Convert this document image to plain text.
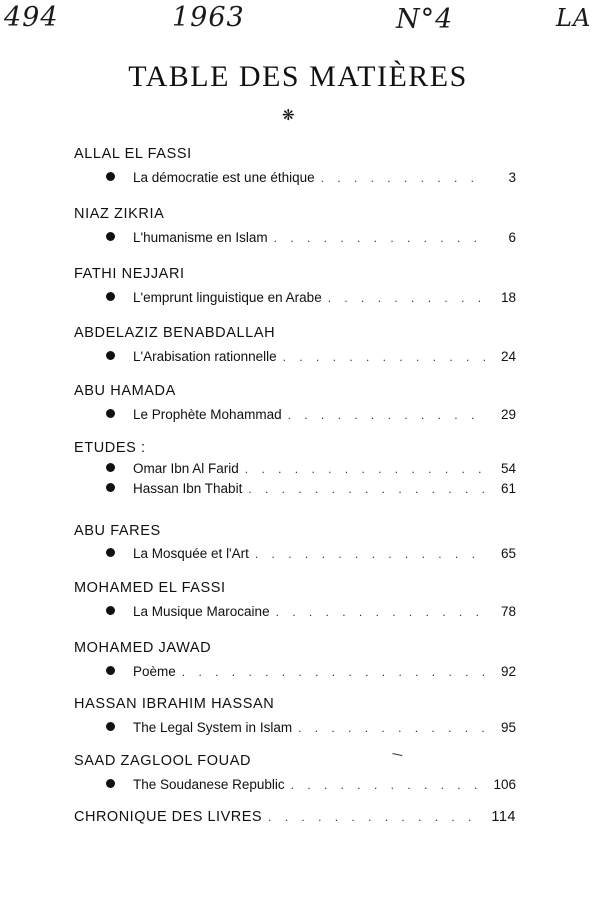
494	1963	N°4	LA
TABLE DES MATIÈRES
❋
ALLAL EL FASSI
La démocratie est une éthique . . .	3
NIAZ ZIKRIA
L'humanisme en Islam . . .	6
FATHI NEJJARI
L'emprunt linguistique en Arabe . . .	18
ABDELAZIZ BENABDALLAH
L'Arabisation rationnelle . . .	24
ABU HAMADA
Le Prophète Mohammad . . .	29
ETUDES :
Omar Ibn Al Farid . . .	54
Hassan Ibn Thabit . . .	61
ABU FARES
La Mosquée et l'Art . . .	65
MOHAMED EL FASSI
La Musique Marocaine . . .	78
MOHAMED JAWAD
Poème . . .	92
HASSAN IBRAHIM HASSAN
The Legal System in Islam . . .	95
SAAD ZAGLOOL FOUAD
The Soudanese Republic . . .	106
CHRONIQUE DES LIVRES . . .	114
